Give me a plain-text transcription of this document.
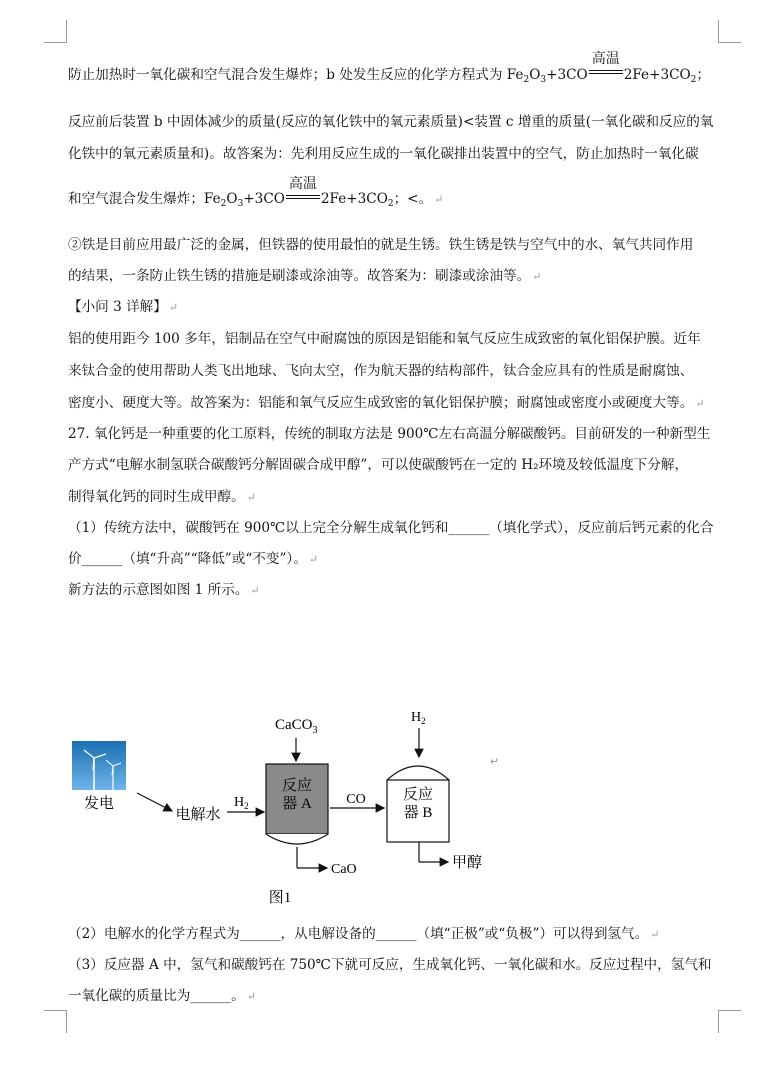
防止加热时一氧化碳和空气混合发生爆炸；b 处发生反应的化学方程式为 $Fe_2O_3+3CO$
高温
$2Fe+3CO_2$；
反应前后装置 b 中固体减少的质量(反应的氧化铁中的氧元素质量)<装置 c 增重的质量(一氧化碳和反应的氧
化铁中的氧元素质量和)。故答案为：先利用反应生成的一氧化碳排出装置中的空气，防止加热时一氧化碳
和空气混合发生爆炸；$Fe_2O_3+3CO$
高温
$2Fe+3CO_2$；<。 ↵
②铁是目前应用最广泛的金属，但铁器的使用最怕的就是生锈。铁生锈是铁与空气中的水、氧气共同作用
的结果，一条防止铁生锈的措施是刷漆或涂油等。故答案为：刷漆或涂油等。 ↵
【小问 3 详解】 ↵
铝的使用距今 100 多年，铝制品在空气中耐腐蚀的原因是铝能和氧气反应生成致密的氧化铝保护膜。近年
来钛合金的使用帮助人类飞出地球、飞向太空，作为航天器的结构部件，钛合金应具有的性质是耐腐蚀、
密度小、硬度大等。故答案为：铝能和氧气反应生成致密的氧化铝保护膜；耐腐蚀或密度小或硬度大等。 ↵
27. 氧化钙是一种重要的化工原料，传统的制取方法是 900℃左右高温分解碳酸钙。目前研发的一种新型生
产方式“电解水制氢联合碳酸钙分解固碳合成甲醇”，可以使碳酸钙在一定的 H₂环境及较低温度下分解，
制得氧化钙的同时生成甲醇。 ↵
（1）传统方法中，碳酸钙在 900℃以上完全分解生成氧化钙和______（填化学式），反应前后钙元素的化合
价______（填“升高”“降低”或“不变”）。 ↵
新方法的示意图如图 1 所示。 ↵
发电
电解水
$H_2$
CaCO$_3$
反应
器 A
CaO
CO
$H_2$
反应
器 B
甲醇
↵
图1
（2）电解水的化学方程式为______，从电解设备的______（填“正极”或“负极”）可以得到氢气。 ↵
（3）反应器 A 中，氢气和碳酸钙在 750℃下就可反应，生成氧化钙、一氧化碳和水。反应过程中，氢气和
一氧化碳的质量比为______。 ↵
